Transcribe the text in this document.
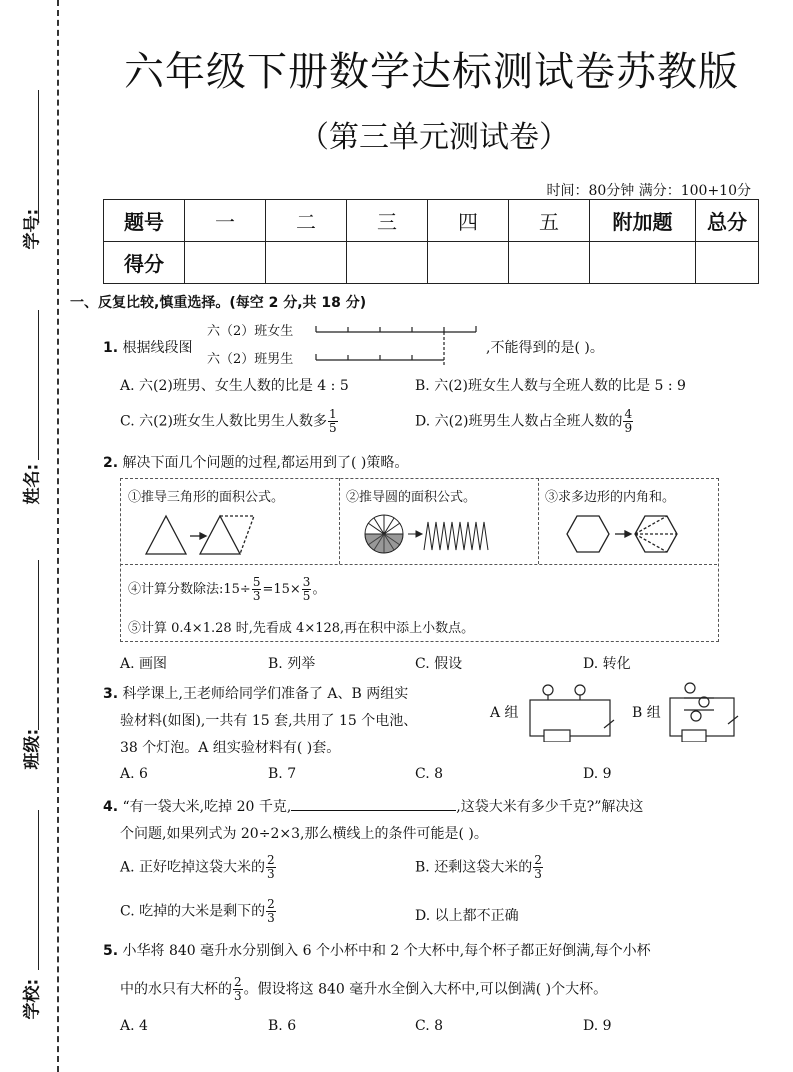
学号:
姓名:
班级:
学校:
六年级下册数学达标测试卷苏教版
（第三单元测试卷）
时间：80分钟 满分：100+10分
题号	一	二	三	四	五	附加题	总分
得分							
一、反复比较,慎重选择。(每空 2 分,共 18 分)
1. 根据线段图
六（2）班女生
六（2）班男生
,不能得到的是( )。
A. 六(2)班男、女生人数的比是 4 : 5	B. 六(2)班女生人数与全班人数的比是 5 : 9
C. 六(2)班女生人数比男生人数多 $\frac{1}{5}$	D. 六(2)班男生人数占全班人数的 $\frac{4}{9}$
2. 解决下面几个问题的过程,都运用到了( )策略。
①推导三角形的面积公式。	②推导圆的面积公式。	③求多边形的内角和。
④计算分数除法:15÷ $\frac{5}{3} =15\times \frac{3}{5}$ 。
⑤计算 0.4×1.28 时,先看成 4×128,再在积中添上小数点。
A. 画图	B. 列举	C. 假设	D. 转化
3. 科学课上,王老师给同学们准备了 A、B 两组实
验材料(如图),一共有 15 套,共用了 15 个电池、
38 个灯泡。A 组实验材料有( )套。
A 组	B 组
A. 6	B. 7	C. 8	D. 9
4. “有一袋大米,吃掉 20 千克,	,这袋大米有多少千克?”解决这
个问题,如果列式为 20÷2×3,那么横线上的条件可能是( )。
A. 正好吃掉这袋大米的 $\frac{2}{3}$	B. 还剩这袋大米的 $\frac{2}{3}$
C. 吃掉的大米是剩下的 $\frac{2}{3}$	D. 以上都不正确
5. 小华将 840 毫升水分别倒入 6 个小杯中和 2 个大杯中,每个杯子都正好倒满,每个小杯
中的水只有大杯的 $\frac{2}{3}$ 。假设将这 840 毫升水全倒入大杯中,可以倒满( )个大杯。
A. 4	B. 6	C. 8	D. 9
